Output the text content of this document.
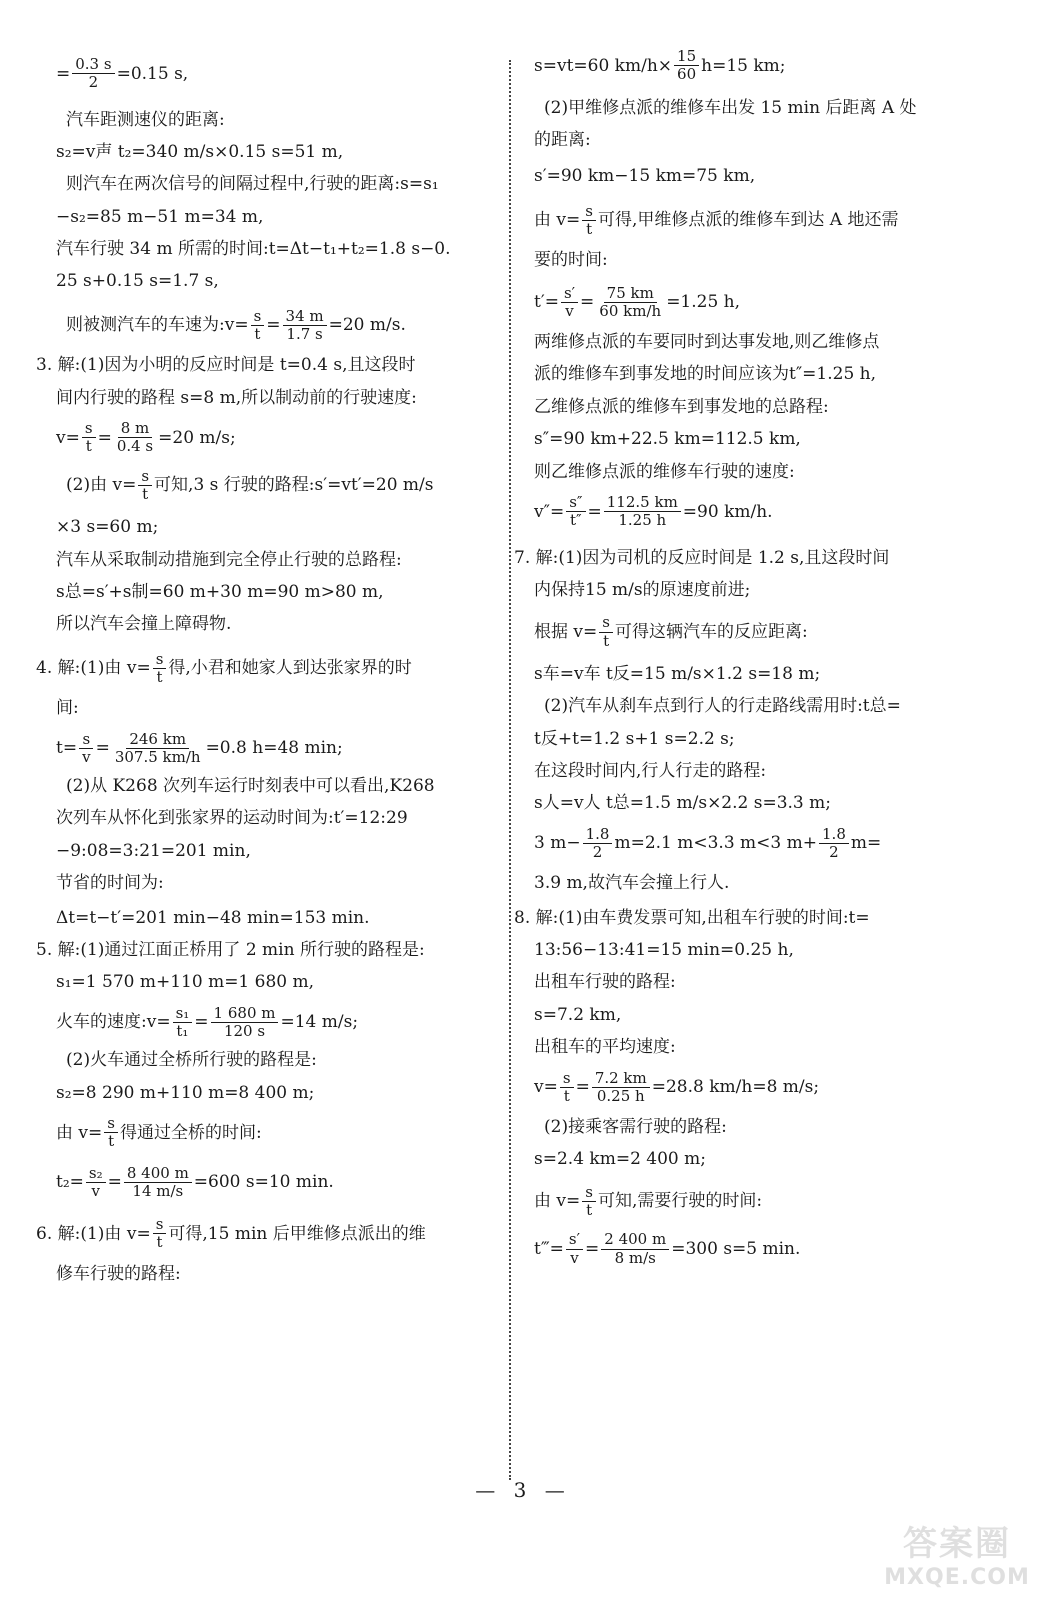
= $\frac{0.3 s}{2} =0.15$ s,
汽车距测速仪的距离:
s₂=v声 t₂=340 m/s×0.15 s=51 m,
则汽车在两次信号的间隔过程中,行驶的距离:s=s₁
−s₂=85 m−51 m=34 m,
汽车行驶 34 m 所需的时间:t=Δt−t₁+t₂=1.8 s−0.
25 s+0.15 s=1.7 s,
则被测汽车的车速为:v= $\frac{s}{t} = \frac{34 m}{1.7 s} =20$ m/s.
3. 解:(1)因为小明的反应时间是 t=0.4 s,且这段时
间内行驶的路程 s=8 m,所以制动前的行驶速度:
$v= \frac{s}{t} = \frac{8 m}{0.4 s} =20$ m/s;
(2)由 $v= \frac{s}{t}$ 可知,3 s 行驶的路程:s′=vt′=20 m/s
×3 s=60 m;
汽车从采取制动措施到完全停止行驶的总路程:
s总=s′+s制=60 m+30 m=90 m>80 m,
所以汽车会撞上障碍物.
4. 解:(1)由 $v= \frac{s}{t}$ 得,小君和她家人到达张家界的时
间:
$t= \frac{s}{v} = \frac{246 km}{307.5 km/h} =0.8$ h=48 min;
(2)从 K268 次列车运行时刻表中可以看出,K268
次列车从怀化到张家界的运动时间为:t′=12:29
−9:08=3:21=201 min,
节省的时间为:
Δt=t−t′=201 min−48 min=153 min.
5. 解:(1)通过江面正桥用了 2 min 所行驶的路程是:
s₁=1 570 m+110 m=1 680 m,
火车的速度:v= $\frac{\text{s₁}}{\text{t₁}} = \frac{1 680 m}{120 s} =14$ m/s;
(2)火车通过全桥所行驶的路程是:
s₂=8 290 m+110 m=8 400 m;
由 $v= \frac{s}{t}$ 得通过全桥的时间:
$t_2= \frac{\text{s₂}}{v} = \frac{8 400 m}{14 m/s} =600$ s=10 min.
6. 解:(1)由 $v= \frac{s}{t}$ 可得,15 min 后甲维修点派出的维
修车行驶的路程:
s=vt=60 $km/h\times \frac{15}{60} h=15$ km;
(2)甲维修点派的维修车出发 15 min 后距离 A 处
的距离:
s′=90 km−15 km=75 km,
由 $v= \frac{s}{t}$ 可得,甲维修点派的维修车到达 A 地还需
要的时间:
$t'= \frac{s'}{v} = \frac{75 km}{60 km/h} =1.25$ h,
两维修点派的车要同时到达事发地,则乙维修点
派的维修车到事发地的时间应该为t″=1.25 h,
乙维修点派的维修车到事发地的总路程:
s″=90 km+22.5 km=112.5 km,
则乙维修点派的维修车行驶的速度:
$v''= \frac{s''}{t''} = \frac{112.5 km}{1.25 h} =90$ km/h.
7. 解:(1)因为司机的反应时间是 1.2 s,且这段时间
内保持15 m/s的原速度前进;
根据 $v= \frac{s}{t}$ 可得这辆汽车的反应距离:
s车=v车 t反=15 m/s×1.2 s=18 m;
(2)汽车从刹车点到行人的行走路线需用时:t总=
t反+t=1.2 s+1 s=2.2 s;
在这段时间内,行人行走的路程:
s人=v人 t总=1.5 m/s×2.2 s=3.3 m;
3 $m- \frac{1.8}{2} m=2.1$ m<3.3 m<3 $m+ \frac{1.8}{2} m=$
3.9 m,故汽车会撞上行人.
8. 解:(1)由车费发票可知,出租车行驶的时间:t=
13:56−13:41=15 min=0.25 h,
出租车行驶的路程:
s=7.2 km,
出租车的平均速度:
$v= \frac{s}{t} = \frac{7.2 km}{0.25 h} =28.8$ km/h=8 m/s;
(2)接乘客需行驶的路程:
s=2.4 km=2 400 m;
由 $v= \frac{s}{t}$ 可知,需要行驶的时间:
t‴= $\frac{s'}{v} = \frac{2 400 m}{8 m/s} =300$ s=5 min.
— 3 —
答案圈
MXQE.COM
